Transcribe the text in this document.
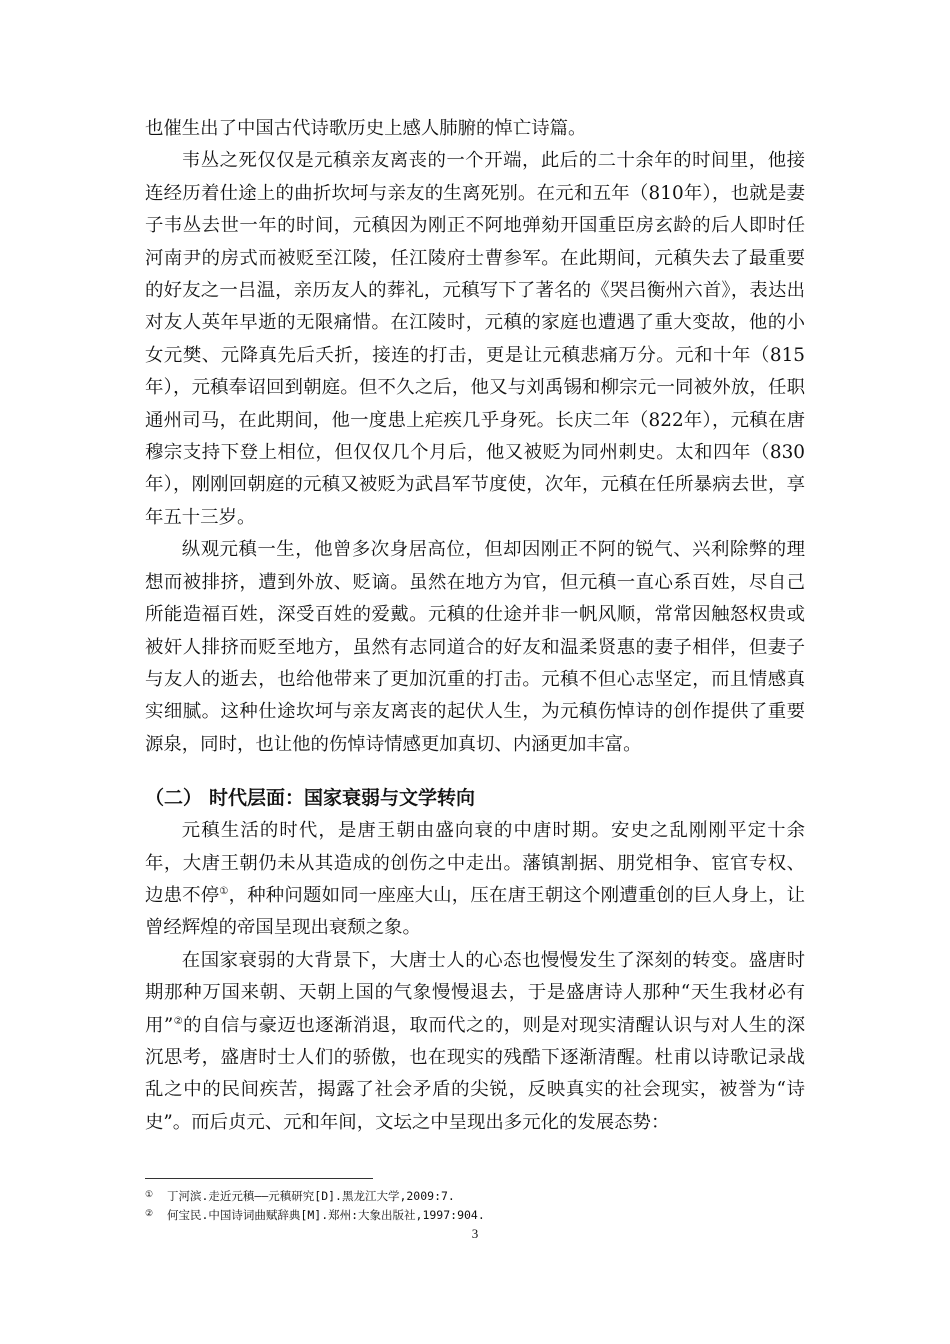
也催生出了中国古代诗歌历史上感人肺腑的悼亡诗篇。

韦丛之死仅仅是元稹亲友离丧的一个开端，此后的二十余年的时间里，他接连经历着仕途上的曲折坎坷与亲友的生离死别。在元和五年（810年），也就是妻子韦丛去世一年的时间，元稹因为刚正不阿地弹劾开国重臣房玄龄的后人即时任河南尹的房式而被贬至江陵，任江陵府士曹参军。在此期间，元稹失去了最重要的好友之一吕温，亲历友人的葬礼，元稹写下了著名的《哭吕衡州六首》，表达出对友人英年早逝的无限痛惜。在江陵时，元稹的家庭也遭遇了重大变故，他的小女元樊、元降真先后夭折，接连的打击，更是让元稹悲痛万分。元和十年（815年），元稹奉诏回到朝庭。但不久之后，他又与刘禹锡和柳宗元一同被外放，任职通州司马，在此期间，他一度患上疟疾几乎身死。长庆二年（822年），元稹在唐穆宗支持下登上相位，但仅仅几个月后，他又被贬为同州刺史。太和四年（830年），刚刚回朝庭的元稹又被贬为武昌军节度使，次年，元稹在任所暴病去世，享年五十三岁。

纵观元稹一生，他曾多次身居高位，但却因刚正不阿的锐气、兴利除弊的理想而被排挤，遭到外放、贬谪。虽然在地方为官，但元稹一直心系百姓，尽自己所能造福百姓，深受百姓的爱戴。元稹的仕途并非一帆风顺，常常因触怒权贵或被奸人排挤而贬至地方，虽然有志同道合的好友和温柔贤惠的妻子相伴，但妻子与友人的逝去，也给他带来了更加沉重的打击。元稹不但心志坚定，而且情感真实细腻。这种仕途坎坷与亲友离丧的起伏人生，为元稹伤悼诗的创作提供了重要源泉，同时，也让他的伤悼诗情感更加真切、内涵更加丰富。

（二） 时代层面：国家衰弱与文学转向

元稹生活的时代，是唐王朝由盛向衰的中唐时期。安史之乱刚刚平定十余年，大唐王朝仍未从其造成的创伤之中走出。藩镇割据、朋党相争、宦官专权、边患不停①，种种问题如同一座座大山，压在唐王朝这个刚遭重创的巨人身上，让曾经辉煌的帝国呈现出衰颓之象。

在国家衰弱的大背景下，大唐士人的心态也慢慢发生了深刻的转变。盛唐时期那种万国来朝、天朝上国的气象慢慢退去，于是盛唐诗人那种“天生我材必有用”②的自信与豪迈也逐渐消退，取而代之的，则是对现实清醒认识与对人生的深沉思考，盛唐时士人们的骄傲，也在现实的残酷下逐渐清醒。杜甫以诗歌记录战乱之中的民间疾苦，揭露了社会矛盾的尖锐，反映真实的社会现实，被誉为“诗史”。而后贞元、元和年间，文坛之中呈现出多元化的发展态势：

① 丁河滨.走近元稹——元稹研究[D].黑龙江大学,2009:7.

② 何宝民.中国诗词曲赋辞典[M].郑州:大象出版社,1997:904.

3
